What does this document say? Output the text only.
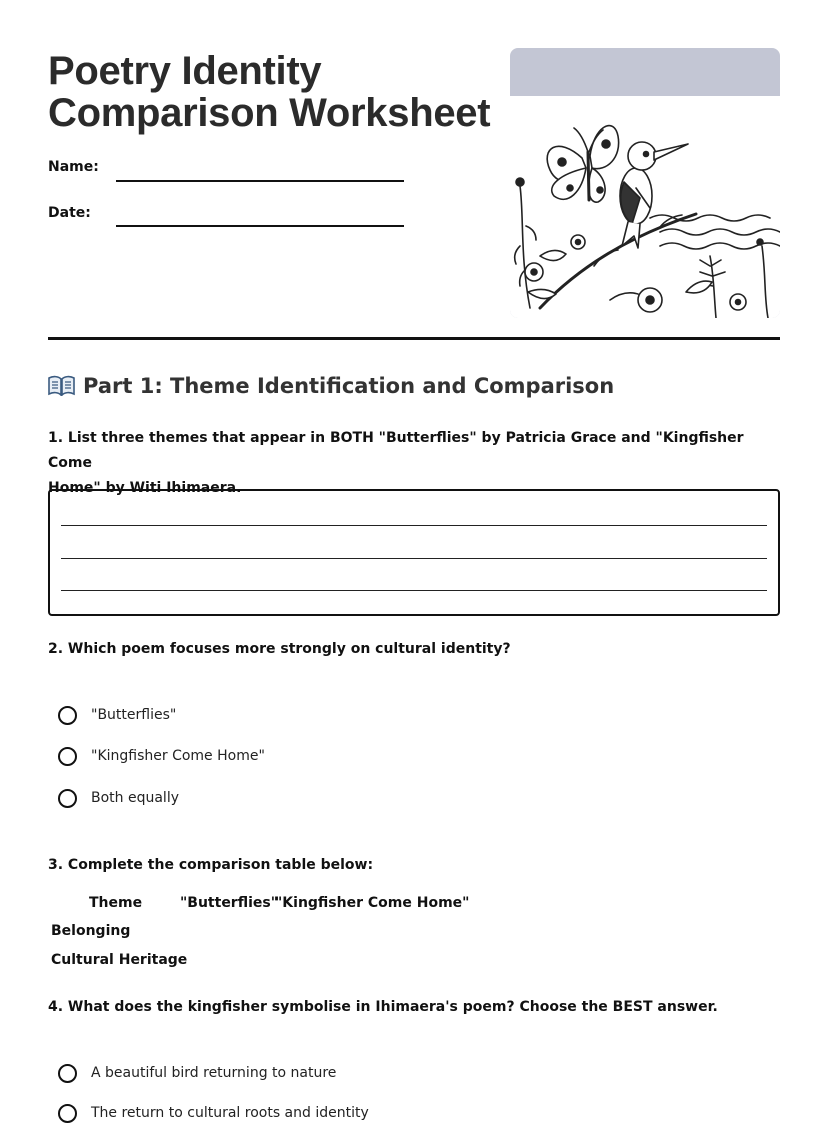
Poetry Identity
Comparison Worksheet
Name:
Date:
Part 1: Theme Identification and Comparison

1. List three themes that appear in BOTH "Butterflies" by Patricia Grace and "Kingfisher Come
Home" by Witi Ihimaera.

2. Which poem focuses more strongly on cultural identity?

"Butterflies"
"Kingfisher Come Home"
Both equally

3. Complete the comparison table below:

Theme	"Butterflies"
"Kingfisher Come Home"
Belonging
Cultural Heritage

4. What does the kingfisher symbolise in Ihimaera's poem? Choose the BEST answer.

A beautiful bird returning to nature
The return to cultural roots and identity
